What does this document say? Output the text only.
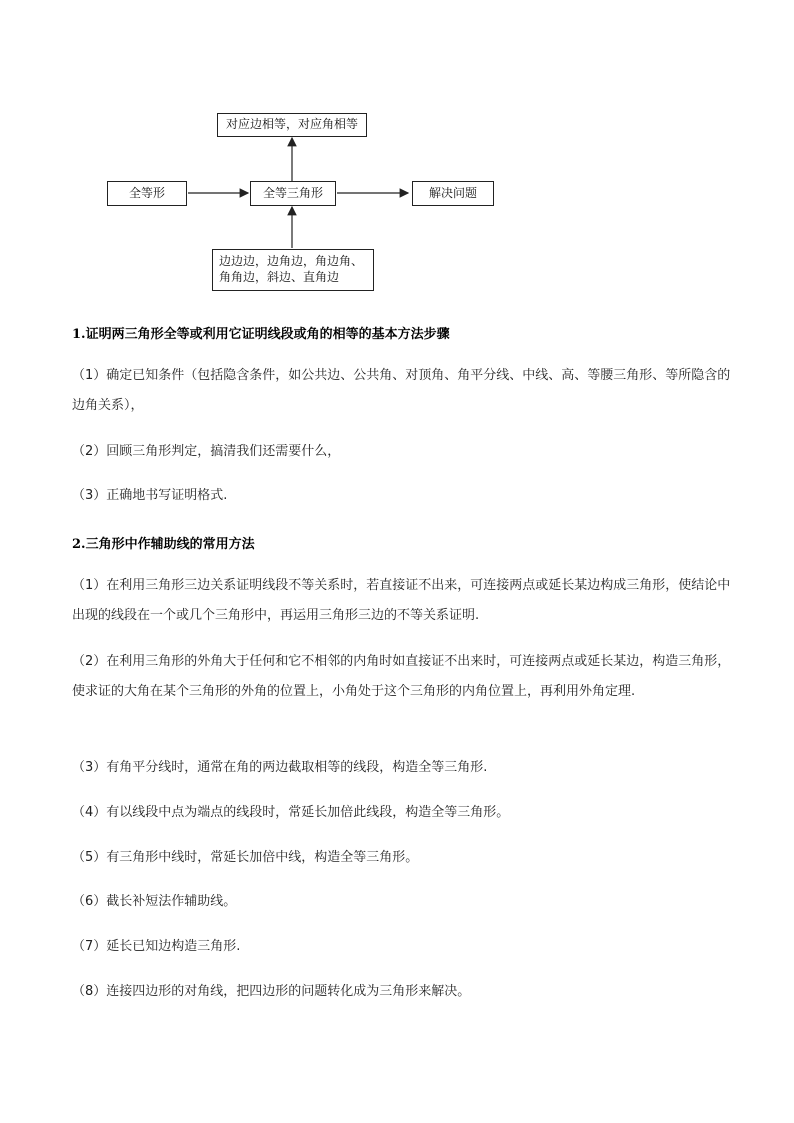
对应边相等，对应角相等
全等形	全等三角形	解决问题
边边边，边角边，角边角、
角角边，斜边、直角边
1.证明两三角形全等或利用它证明线段或角的相等的基本方法步骤
（1）确定已知条件（包括隐含条件，如公共边、公共角、对顶角、角平分线、中线、高、等腰三角形、等所隐含的边角关系），
（2）回顾三角形判定，搞清我们还需要什么，
（3）正确地书写证明格式.
2.三角形中作辅助线的常用方法
（1）在利用三角形三边关系证明线段不等关系时，若直接证不出来，可连接两点或延长某边构成三角形，使结论中出现的线段在一个或几个三角形中，再运用三角形三边的不等关系证明.
（2）在利用三角形的外角大于任何和它不相邻的内角时如直接证不出来时，可连接两点或延长某边，构造三角形，使求证的大角在某个三角形的外角的位置上，小角处于这个三角形的内角位置上，再利用外角定理.
（3）有角平分线时，通常在角的两边截取相等的线段，构造全等三角形.
（4）有以线段中点为端点的线段时，常延长加倍此线段，构造全等三角形。
（5）有三角形中线时，常延长加倍中线，构造全等三角形。
（6）截长补短法作辅助线。
（7）延长已知边构造三角形.
（8）连接四边形的对角线，把四边形的问题转化成为三角形来解决。
